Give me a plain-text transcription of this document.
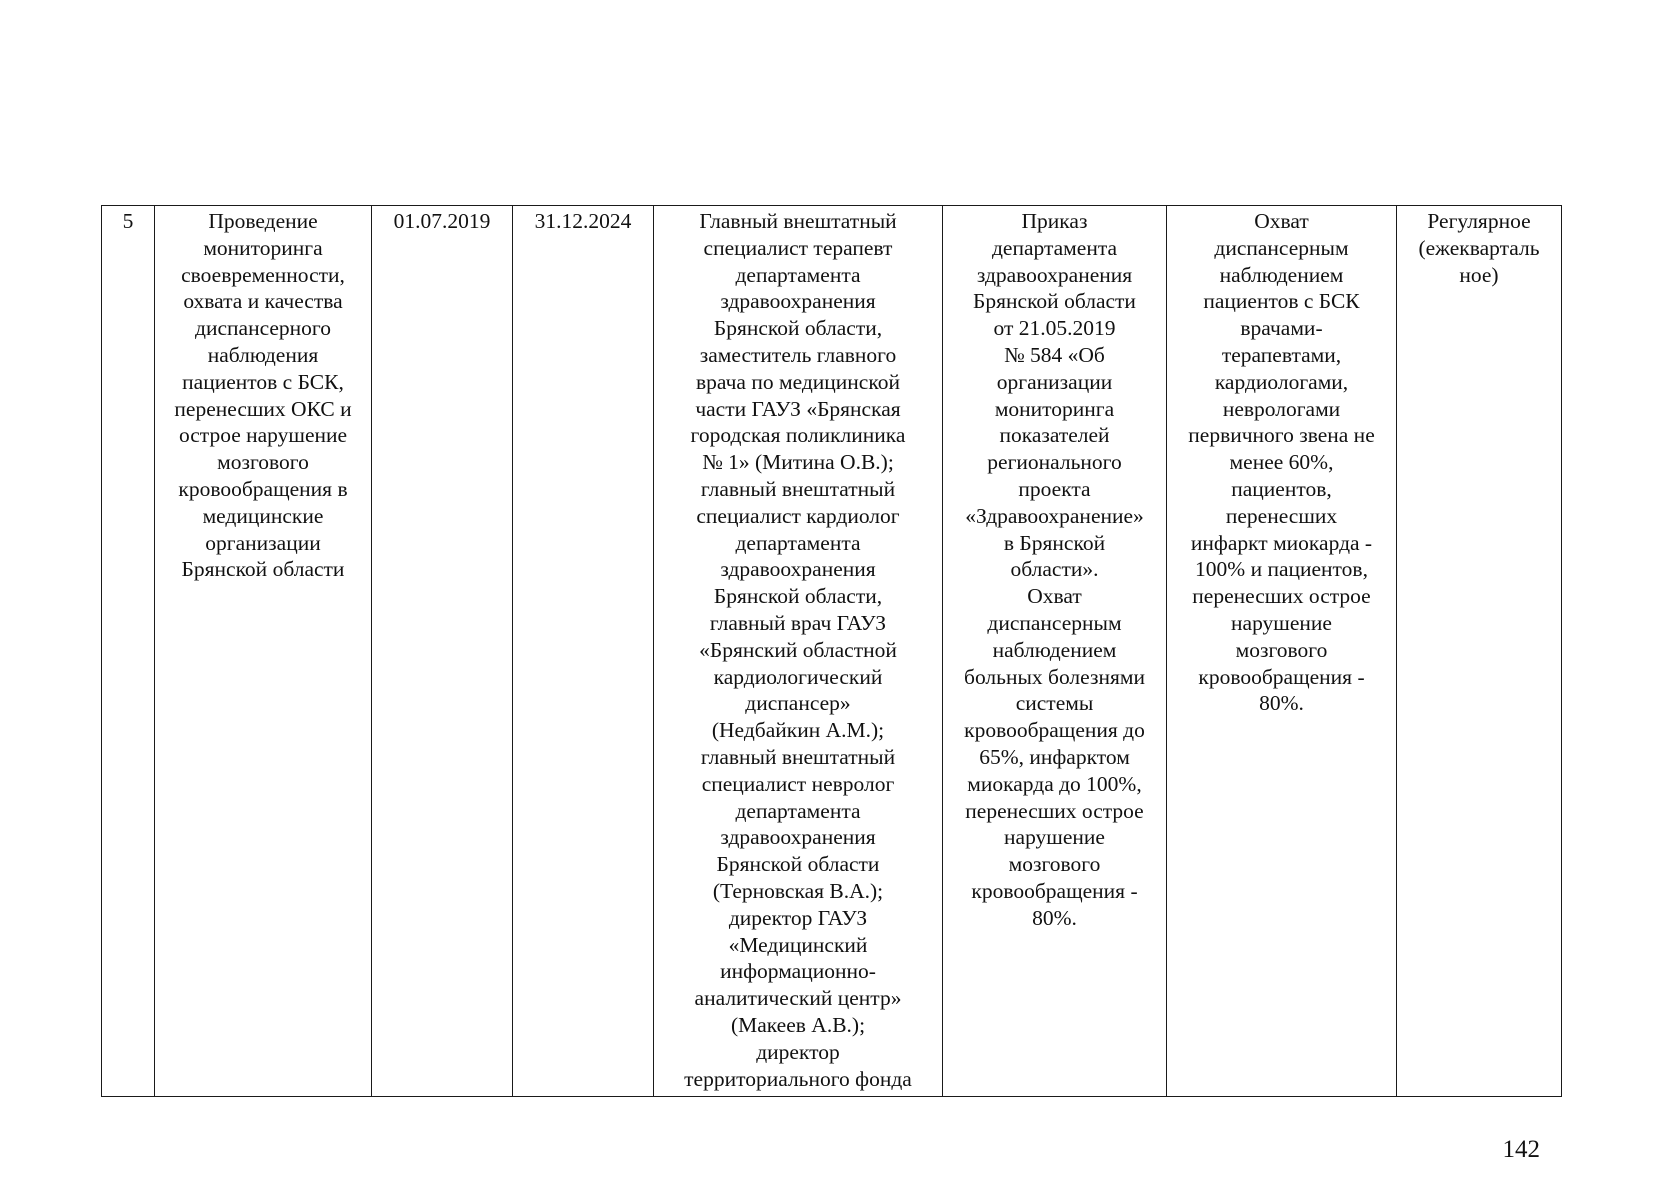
5	Проведение
мониторинга
своевременности,
охвата и качества
диспансерного
наблюдения
пациентов с БСК,
перенесших ОКС и
острое нарушение
мозгового
кровообращения в
медицинские
организации
Брянской области	01.07.2019	31.12.2024	Главный внештатный
специалист терапевт
департамента
здравоохранения
Брянской области,
заместитель главного
врача по медицинской
части ГАУЗ «Брянская
городская поликлиника
№ 1» (Митина О.В.);
главный внештатный
специалист кардиолог
департамента
здравоохранения
Брянской области,
главный врач ГАУЗ
«Брянский областной
кардиологический
диспансер»
(Недбайкин А.М.);
главный внештатный
специалист невролог
департамента
здравоохранения
Брянской области
(Терновская В.А.);
директор ГАУЗ
«Медицинский
информационно-
аналитический центр»
(Макеев А.В.);
директор
территориального фонда	Приказ
департамента
здравоохранения
Брянской области
от 21.05.2019
№ 584 «Об
организации
мониторинга
показателей
регионального
проекта
«Здравоохранение»
в Брянской
области».
Охват
диспансерным
наблюдением
больных болезнями
системы
кровообращения до
65%, инфарктом
миокарда до 100%,
перенесших острое
нарушение
мозгового
кровообращения -
80%.	Охват
диспансерным
наблюдением
пациентов с БСК
врачами-
терапевтами,
кардиологами,
неврологами
первичного звена не
менее 60%,
пациентов,
перенесших
инфаркт миокарда -
100% и пациентов,
перенесших острое
нарушение
мозгового
кровообращения -
80%.	Регулярное
(ежекварталь
ное)
142
